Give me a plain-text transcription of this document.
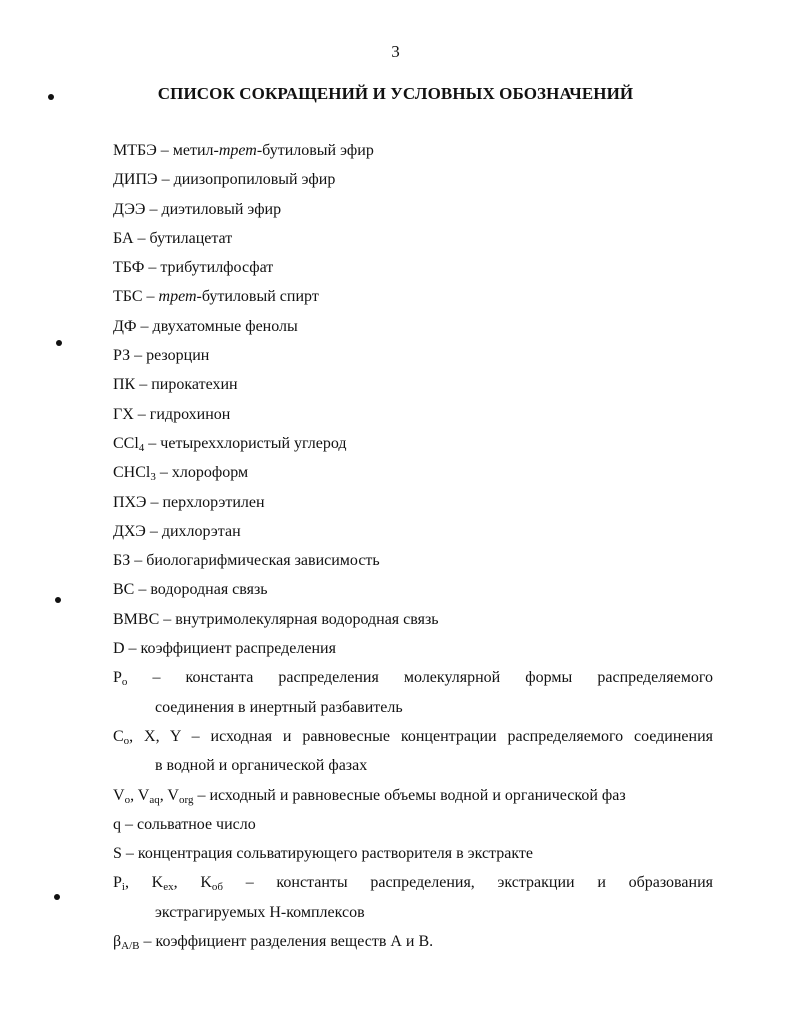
3
СПИСОК СОКРАЩЕНИЙ И УСЛОВНЫХ ОБОЗНАЧЕНИЙ
МТБЭ – метил-трет-бутиловый эфир
ДИПЭ – диизопропиловый эфир
ДЭЭ – диэтиловый эфир
БА – бутилацетат
ТБФ – трибутилфосфат
ТБС – трет-бутиловый спирт
ДФ – двухатомные фенолы
РЗ – резорцин
ПК – пирокатехин
ГХ – гидрохинон
CCl$_4$ – четыреххлористый углерод
CHCl$_3$ – хлороформ
ПХЭ – перхлорэтилен
ДХЭ – дихлорэтан
БЗ – биологарифмическая зависимость
ВС – водородная связь
ВМВС – внутримолекулярная водородная связь
D – коэффициент распределения
$P_o$ – константа распределения молекулярной формы распределяемого
соединения в инертный разбавитель
$C_o$, X, Y – исходная и равновесные концентрации распределяемого соединения
в водной и органической фазах
$V_o$, $V_{aq}$, $V_{org}$ – исходный и равновесные объемы водной и органической фаз
q – сольватное число
S – концентрация сольватирующего растворителя в экстракте
$P_i$, $K_{ex}$, $K_{об}$ – константы распределения, экстракции и образования
экстрагируемых Н-комплексов
$\beta_{A/B}$ – коэффициент разделения веществ А и В.
